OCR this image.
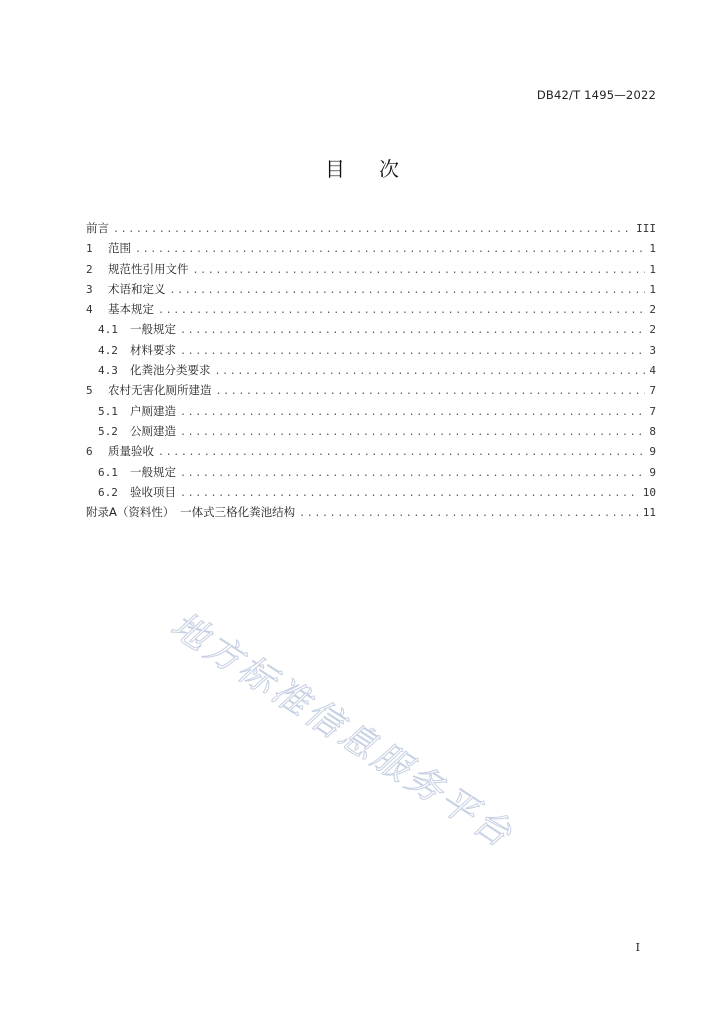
DB42/T 1495—2022
目次
前言 .....	III
1	范围 .....	1
2	规范性引用文件 .....	1
3	术语和定义 .....	1
4	基本规定 .....	2
4.1	一般规定 .....	2
4.2	材料要求 .....	3
4.3	化粪池分类要求 .....	4
5	农村无害化厕所建造 .....	7
5.1	户厕建造 .....	7
5.2	公厕建造 .....	8
6	质量验收 .....	9
6.1	一般规定 .....	9
6.2	验收项目 .....	10
附录A（资料性）　一体式三格化粪池结构 .....	11
地方标准信息服务平台
I
